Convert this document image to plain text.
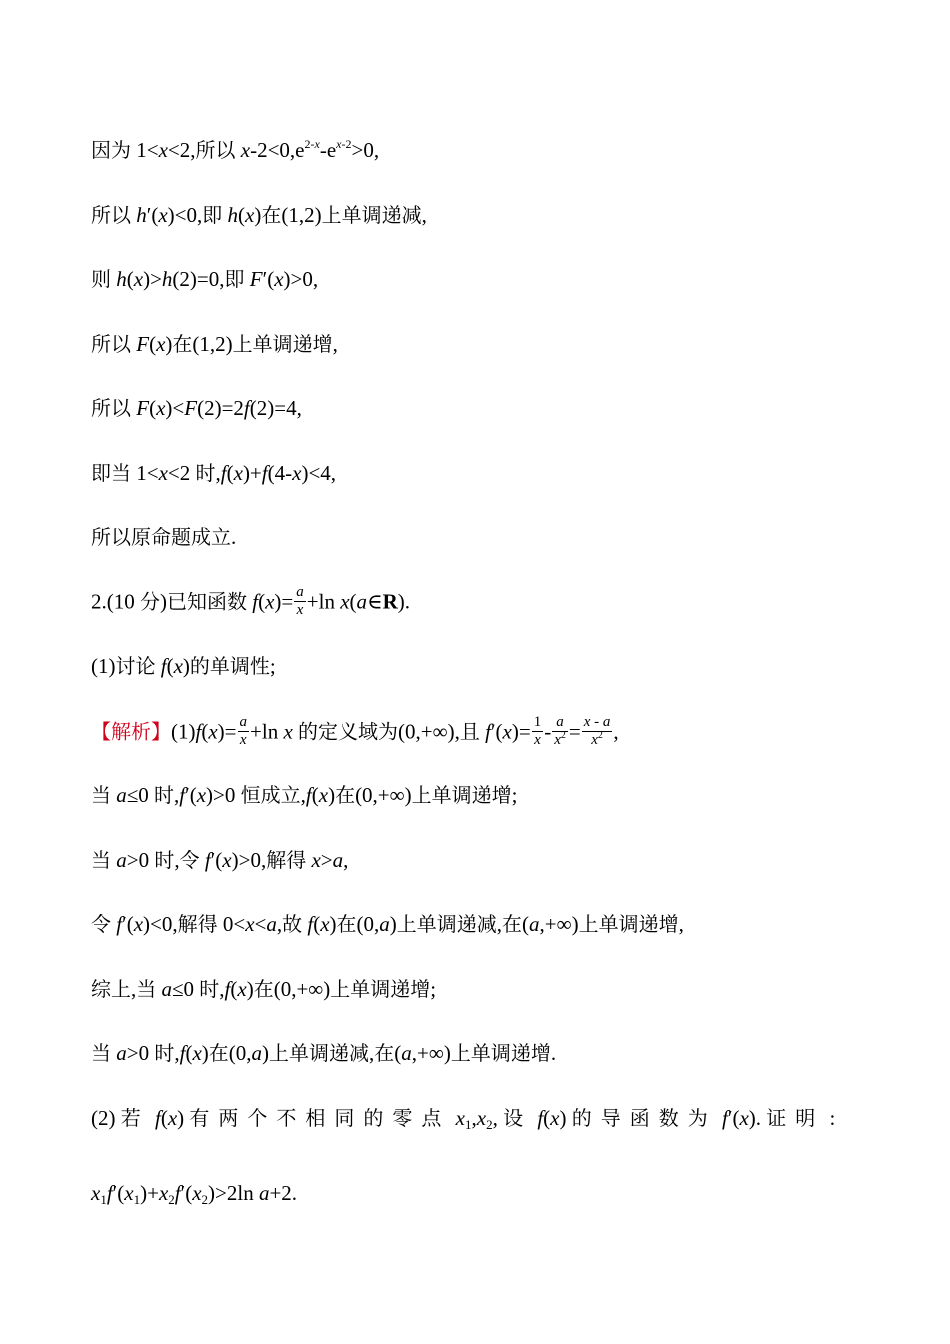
因为 1<x<2,所以 $x-2<0,e^{2-x}-e^{x-2}>0$,
所以 h′(x)<0,即 h(x)在(1,2)上单调递减,
则 h(x)>h(2)=0,即 F′(x)>0,
所以 F(x)在(1,2)上单调递增,
所以 F(x)<F(2)=2f(2)=4,
即当 1<x<2 时,f(x)+f(4-x)<4,
所以原命题成立.
2.(10 分)已知函数 $f(x)= \frac{a}{x} +\ln$ x(a∈R).
(1)讨论 f(x)的单调性;
【解析】$(1)f(x)= \frac{a}{x} +\ln$ x 的定义域为(0,+∞),且 $f'(x)= \frac{1}{x} - \frac{a}{x^2} = \frac{x - a}{x^2}$ ,
当 a≤0 时,f′(x)>0 恒成立,f(x)在(0,+∞)上单调递增;
当 a>0 时,令 f′(x)>0,解得 x>a,
令 f′(x)<0,解得 0<x<a,故 f(x)在(0,a)上单调递减,在(a,+∞)上单调递增,
综上,当 a≤0 时,f(x)在(0,+∞)上单调递增;
当 a>0 时,f(x)在(0,a)上单调递减,在(a,+∞)上单调递增.
(2) 若 f(x) 有两个不相同的零点 $x_1,x_2$, 设 f(x) 的导函数为 f′(x). 证明 :
$x_1f'(x_1)+x_2f'(x_2)>2\ln$ a+2.
